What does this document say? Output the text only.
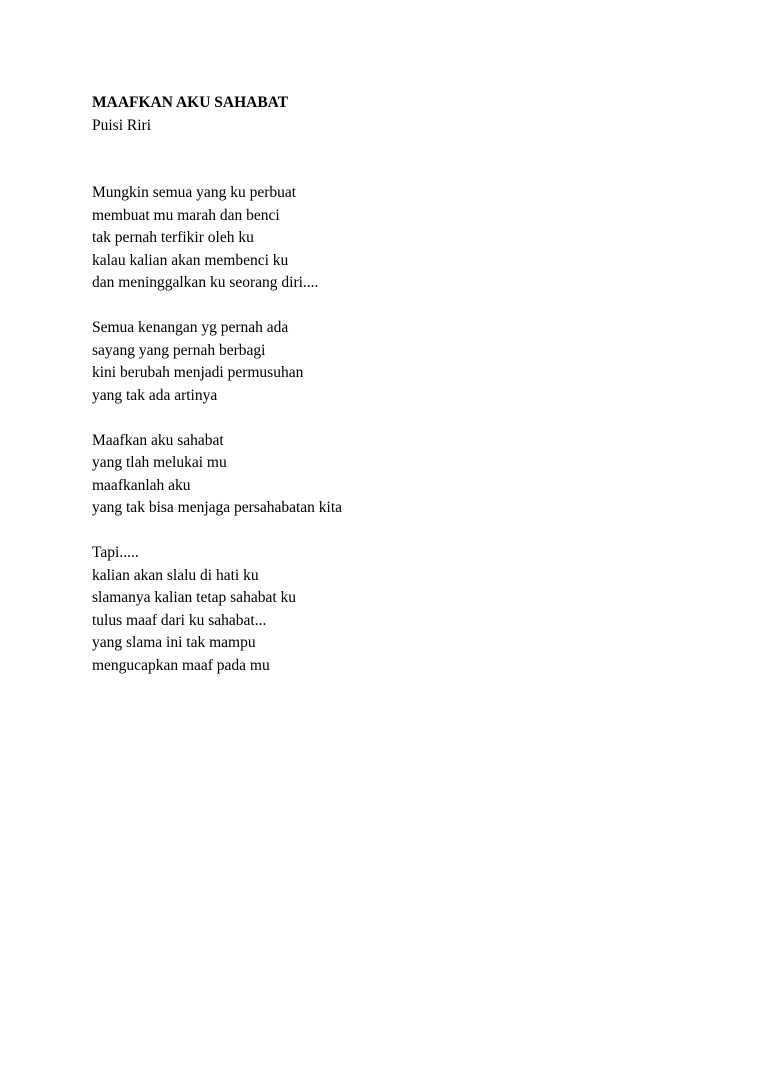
MAAFKAN AKU SAHABAT
Puisi Riri
Mungkin semua yang ku perbuat
membuat mu marah dan benci
tak pernah terfikir oleh ku
kalau kalian akan membenci ku
dan meninggalkan ku seorang diri....
Semua kenangan yg pernah ada
sayang yang pernah berbagi
kini berubah menjadi permusuhan
yang tak ada artinya
Maafkan aku sahabat
yang tlah melukai mu
maafkanlah aku
yang tak bisa menjaga persahabatan kita
Tapi.....
kalian akan slalu di hati ku
slamanya kalian tetap sahabat ku
tulus maaf dari ku sahabat...
yang slama ini tak mampu
mengucapkan maaf pada mu
